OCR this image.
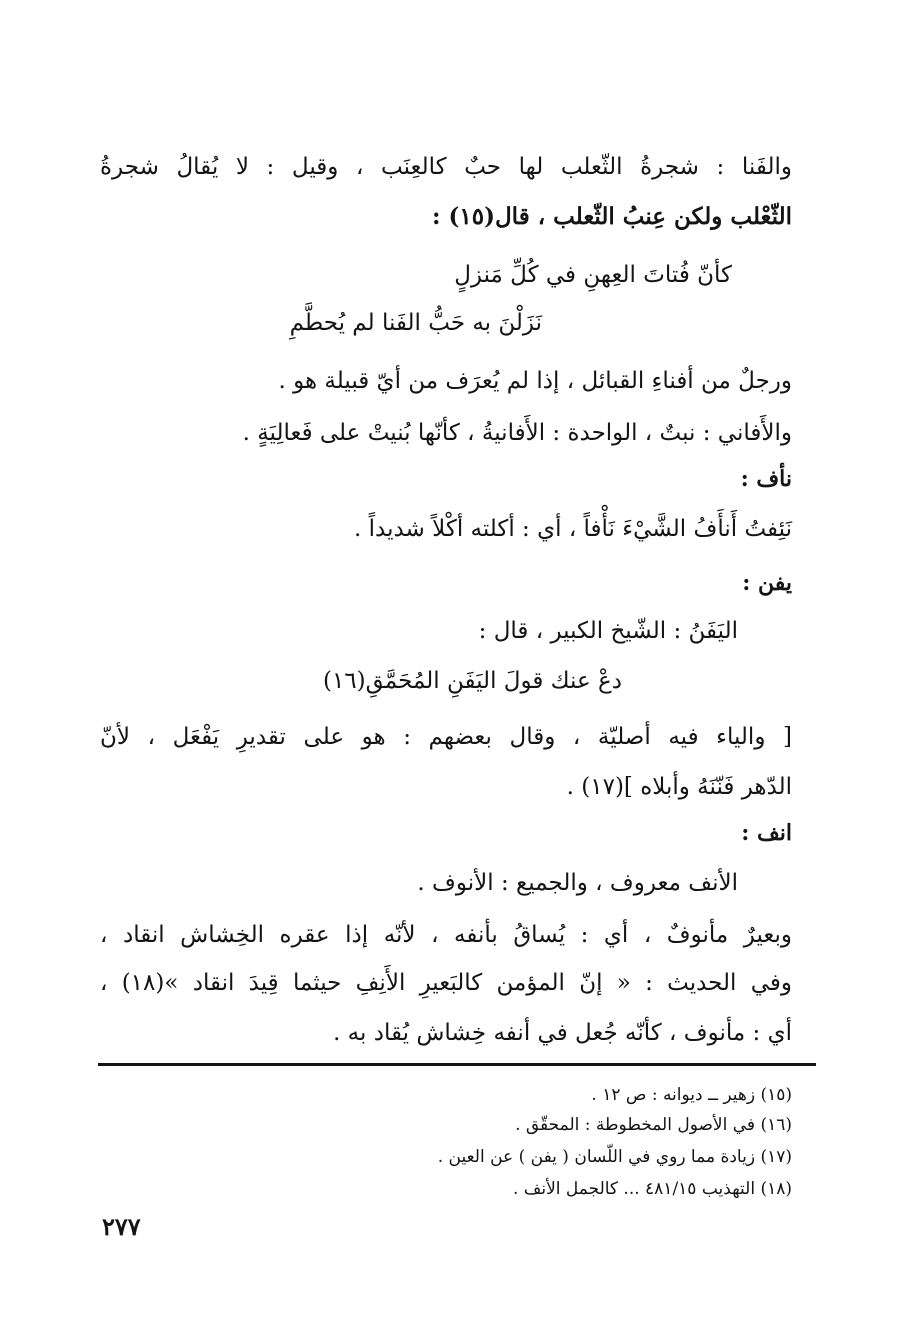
والفَنا : شجرةُ الثّعلب لها حبٌ كالعِنَب ، وقيل : لا يُقالُ شجرةُ
الثّعْلب ولكن عِنبُ الثّعلب ، قال(١٥) :
كأنّ فُتاتَ العِهنِ في كُلِّ مَنزلٍ
نَزَلْنَ به حَبُّ الفَنا لم يُحطَّمِ
ورجلٌ من أفناءِ القبائل ، إذا لم يُعرَف من أيّ قبيلة هو .
والأَفاني : نبتٌ ، الواحدة : الأَفانيةُ ، كأنّها بُنيتْ على فَعالِيَةٍ .
نأف :
نَئِفتُ أَنأَفُ الشَّيْءَ نَأْفاً ، أي : أكلته أكْلاً شديداً .
يفن :
اليَفَنُ : الشّيخ الكبير ، قال :
دعْ عنك قولَ اليَفَنِ المُحَمَّقِ(١٦)
[ والياء فيه أصليّة ، وقال بعضهم : هو على تقديرِ يَفْعَل ، لأنّ
الدّهر فَنّنَهُ وأبلاه ](١٧) .
انف :
الأنف معروف ، والجميع : الأنوف .
وبعيرٌ مأنوفٌ ، أي : يُساقُ بأنفه ، لأنّه إذا عقره الخِشاش انقاد ،
وفي الحديث : « إنّ المؤمن كالبَعيرِ الأَنِفِ حيثما قِيدَ انقاد »(١٨) ،
أي : مأنوف ، كأنّه جُعل في أنفه خِشاش يُقاد به .
(١٥) زهير ــ ديوانه : ص ١٢ .
(١٦) في الأصول المخطوطة : المحقّق .
(١٧) زيادة مما روي في اللّسان ( يفن ) عن العين .
(١٨) التهذيب ٤٨١/١٥ ... كالجمل الأنف .
٢٧٧
